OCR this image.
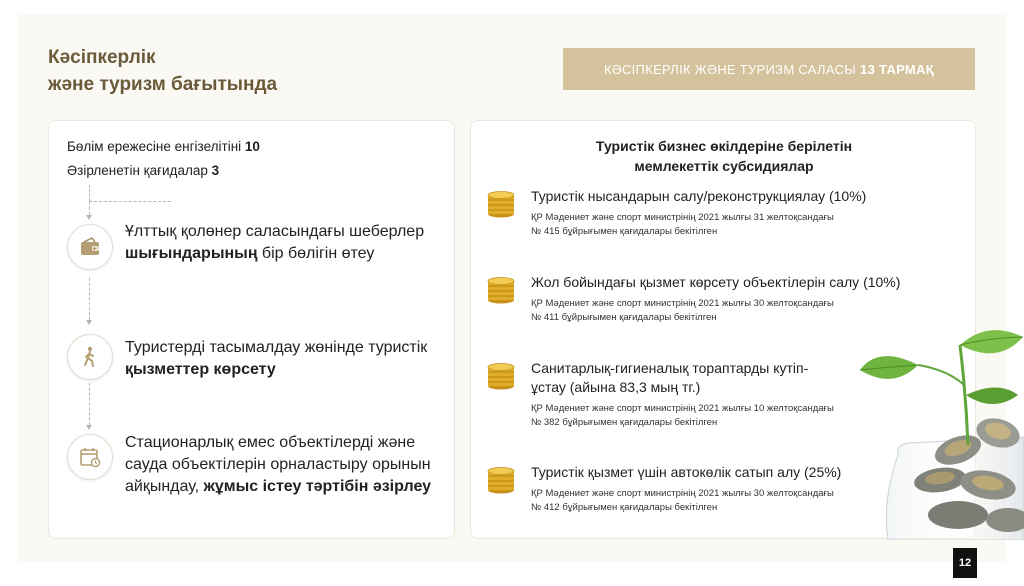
Кәсіпкерлік
және туризм бағытында
КӘСІПКЕРЛІК ЖӘНЕ ТУРИЗМ САЛАСЫ 13 ТАРМАҚ
Бөлім ережесіне енгізелітіні 10
Әзірленетін қағидалар 3
Ұлттық қолөнер саласындағы шеберлер шығындарының бір бөлігін өтеу
Туристерді тасымалдау жөнінде туристік қызметтер көрсету
Стационарлық емес объектілерді және сауда объектілерін орналастыру орынын айқындау, жұмыс істеу тәртібін әзірлеу
Туристік бизнес өкілдеріне берілетін
мемлекеттік субсидиялар
Туристік нысандарын салу/реконструкциялау (10%)
ҚР Мәдениет және спорт министрінің 2021 жылғы 31 желтоқсандағы
№ 415 бұйрығымен қағидалары бекітілген
Жол бойындағы қызмет көрсету объектілерін салу (10%)
ҚР Мәдениет және спорт министрінің 2021 жылғы 30 желтоқсандағы
№ 411 бұйрығымен қағидалары бекітілген
Санитарлық-гигиеналық тораптарды кутіп-ұстау (айына 83,3 мың тг.)
ҚР Мәдениет және спорт министрінің 2021 жылғы 10 желтоқсандағы
№ 382 бұйрығымен қағидалары бекітілген
Туристік қызмет үшін автокөлік сатып алу (25%)
ҚР Мәдениет және спорт министрінің 2021 жылғы 30 желтоқсандағы
№ 412 бұйрығымен қағидалары бекітілген
12
